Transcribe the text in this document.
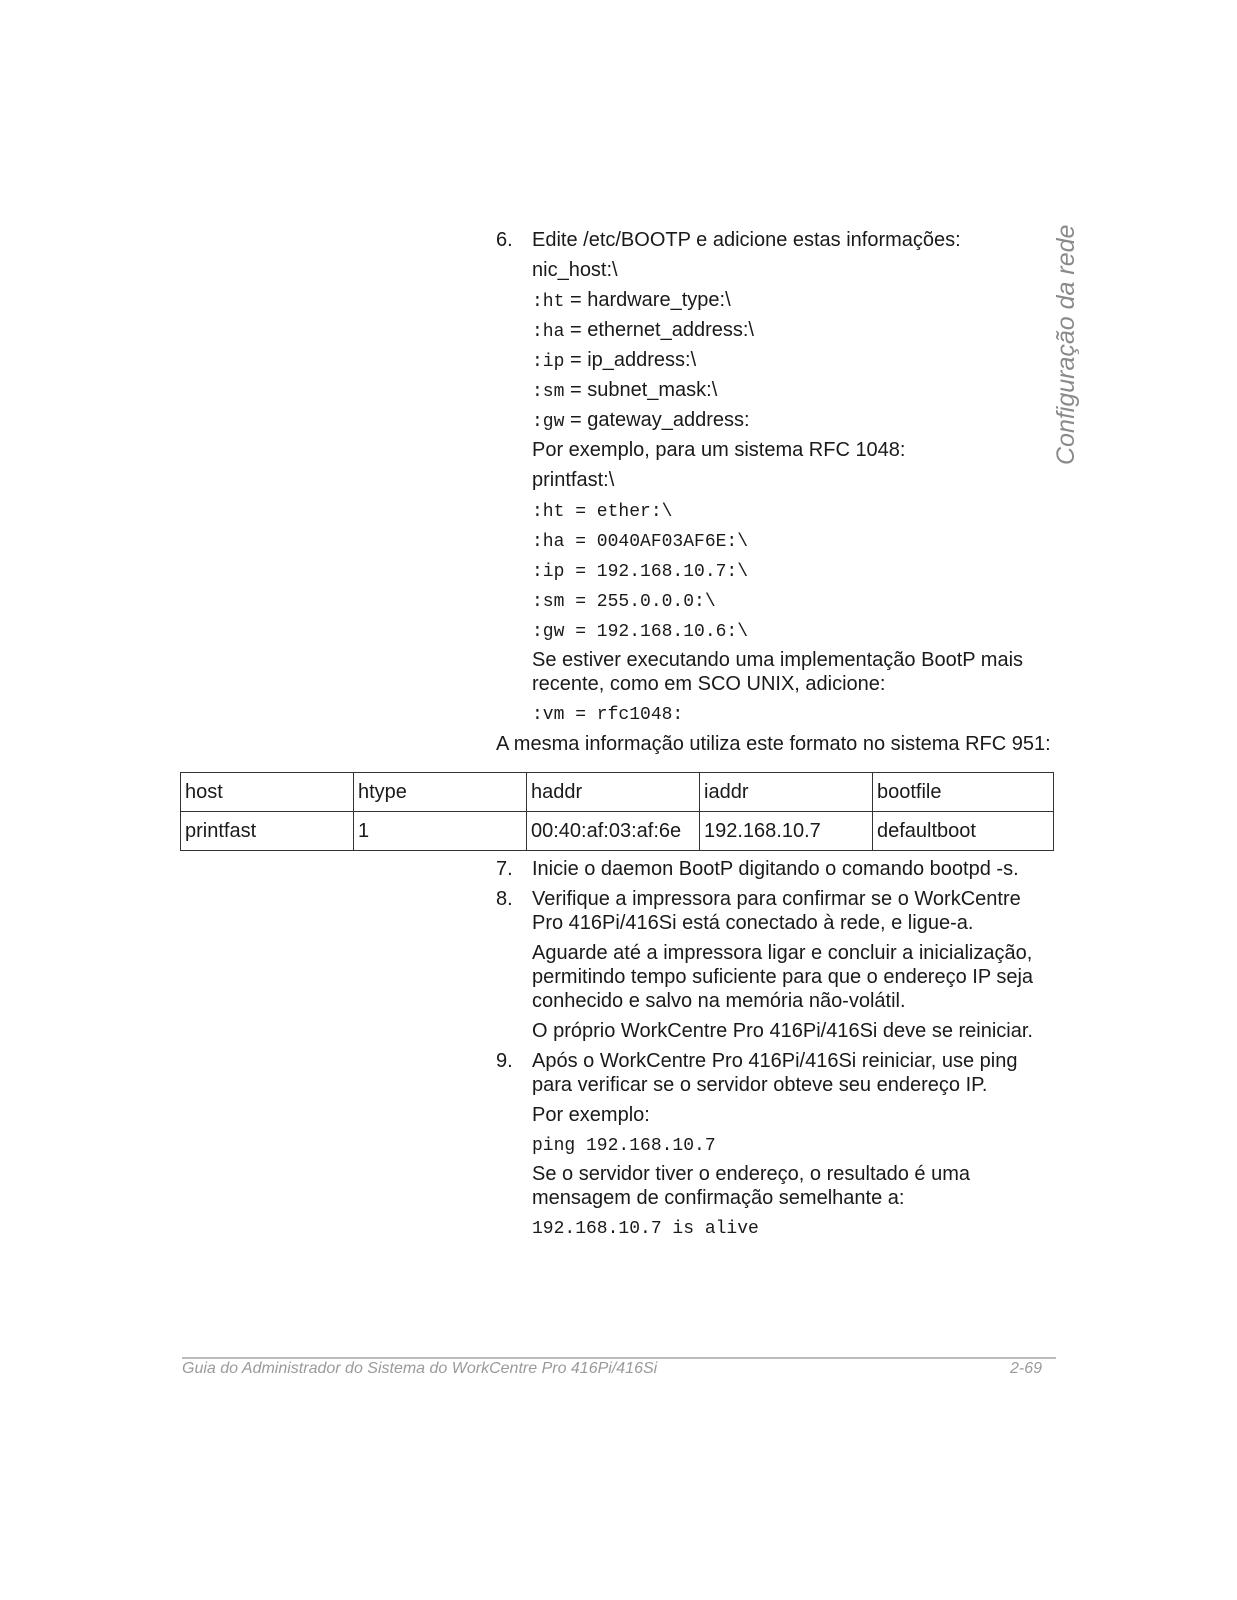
Configuração da rede
6. Edite /etc/BOOTP e adicione estas informações:
nic_host:\
:ht = hardware_type:\
:ha = ethernet_address:\
:ip = ip_address:\
:sm = subnet_mask:\
:gw = gateway_address:
Por exemplo, para um sistema RFC 1048:
printfast:\
:ht = ether:\
:ha = 0040AF03AF6E:\
:ip = 192.168.10.7:\
:sm = 255.0.0.0:\
:gw = 192.168.10.6:\
Se estiver executando uma implementação BootP mais
recente, como em SCO UNIX, adicione:
:vm = rfc1048:
A mesma informação utiliza este formato no sistema RFC 951:
host	htype	haddr	iaddr	bootfile
printfast	1	00:40:af:03:af:6e	192.168.10.7	defaultboot
7. Inicie o daemon BootP digitando o comando bootpd -s.
8. Verifique a impressora para confirmar se o WorkCentre
Pro 416Pi/416Si está conectado à rede, e ligue-a.
Aguarde até a impressora ligar e concluir a inicialização,
permitindo tempo suficiente para que o endereço IP seja
conhecido e salvo na memória não-volátil.
O próprio WorkCentre Pro 416Pi/416Si deve se reiniciar.
9. Após o WorkCentre Pro 416Pi/416Si reiniciar, use ping
para verificar se o servidor obteve seu endereço IP.
Por exemplo:
ping 192.168.10.7
Se o servidor tiver o endereço, o resultado é uma
mensagem de confirmação semelhante a:
192.168.10.7 is alive
Guia do Administrador do Sistema do WorkCentre Pro 416Pi/416Si	2-69
